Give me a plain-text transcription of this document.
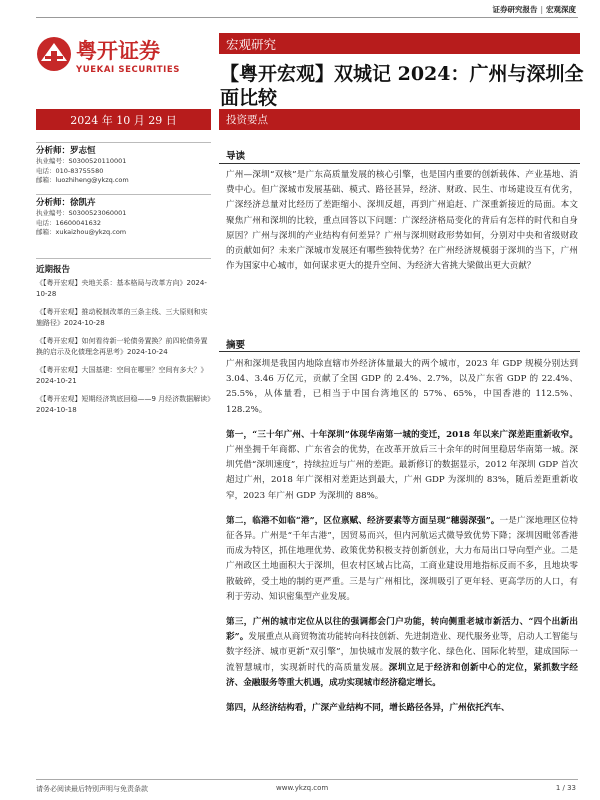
证券研究报告 | 宏观深度
粤开证券
YUEKAI SECURITIES
宏观研究
【粤开宏观】双城记 2024：广州与深圳全面比较
2024 年 10 月 29 日	投资要点
分析师：罗志恒
执业编号：S0300520110001
电话：010-83755580
邮箱：luozhiheng@ykzq.com
分析师：徐凯卉
执业编号：S0300523060001
电话：16600041632
邮箱：xukaizhou@ykzq.com
近期报告
《【粤开宏观】央地关系：基本格局与改革方向》2024-10-28
《【粤开宏观】推动税制改革的三条主线、三大原则和实施路径》2024-10-28
《【粤开宏观】如何看待新一轮债务置换？前四轮债务置换的启示及化债理念再思考》2024-10-24
《【粤开宏观】大国基建：空间在哪里？空间有多大？》2024-10-21
《【粤开宏观】短期经济筑底回稳——9 月经济数据解读》2024-10-18
导读

广州—深圳“双核”是广东高质量发展的核心引擎，也是国内重要的创新载体、产业基地、消费中心。但广深城市发展基础、模式、路径甚异，经济、财政、民生、市场建设互有优劣，广深经济总量对比经历了差距缩小、深圳反超，再到广州追赶、广深重新接近的局面。本文聚焦广州和深圳的比较，重点回答以下问题：广深经济格局变化的背后有怎样的时代和自身原因？广州与深圳的产业结构有何差异？广州与深圳财政形势如何，分别对中央和省级财政的贡献如何？未来广深城市发展还有哪些独特优势？在广州经济规模弱于深圳的当下，广州作为国家中心城市，如何谋求更大的提升空间、为经济大省挑大梁做出更大贡献？

摘要

广州和深圳是我国内地除直辖市外经济体量最大的两个城市，2023 年 GDP 规模分别达到 3.04、3.46 万亿元，贡献了全国 GDP 的 2.4%、2.7%，以及广东省 GDP 的 22.4%、25.5%，从体量看，已相当于中国台湾地区的 57%、65%，中国香港的 112.5%、128.2%。

第一，“三十年广州、十年深圳”体现华南第一城的变迁，2018 年以来广深差距重新收窄。广州坐拥千年商都、广东省会的优势，在改革开放后三十余年的时间里稳居华南第一城。深圳凭借“深圳速度”，持续拉近与广州的差距。最新修订的数据显示，2012 年深圳 GDP 首次超过广州，2018 年广深相对差距达到最大，广州 GDP 为深圳的 83%，随后差距重新收窄，2023 年广州 GDP 为深圳的 88%。

第二，临港不如临“港”，区位禀赋、经济要素等方面呈现“穗弱深强”。一是广深地理区位特征各异。广州是“千年古港”，因贸易而兴，但内河航运式微导致优势下降；深圳因毗邻香港而成为特区，抓住地理优势、政策优势积极支持创新创业，大力布局出口导向型产业。二是广州政区土地面积大于深圳，但农村区域占比高，工商业建设用地指标反而不多，且地块零散破碎，受土地的制约更严重。三是与广州相比，深圳吸引了更年轻、更高学历的人口，有利于劳动、知识密集型产业发展。

第三，广州的城市定位从以往的强调都会门户功能，转向侧重老城市新活力、“四个出新出彩”。发展重点从商贸物流功能转向科技创新、先进制造业、现代服务业等，启动人工智能与数字经济、城市更新“双引擎”，加快城市发展的数字化、绿色化、国际化转型，建成国际一流智慧城市，实现新时代的高质量发展。深圳立足于经济和创新中心的定位，紧抓数字经济、金融服务等重大机遇，成功实现城市经济稳定增长。

第四，从经济结构看，广深产业结构不同，增长路径各异，广州依托汽车、

请务必阅读最后特别声明与免责条款	www.ykzq.com	1 / 33
